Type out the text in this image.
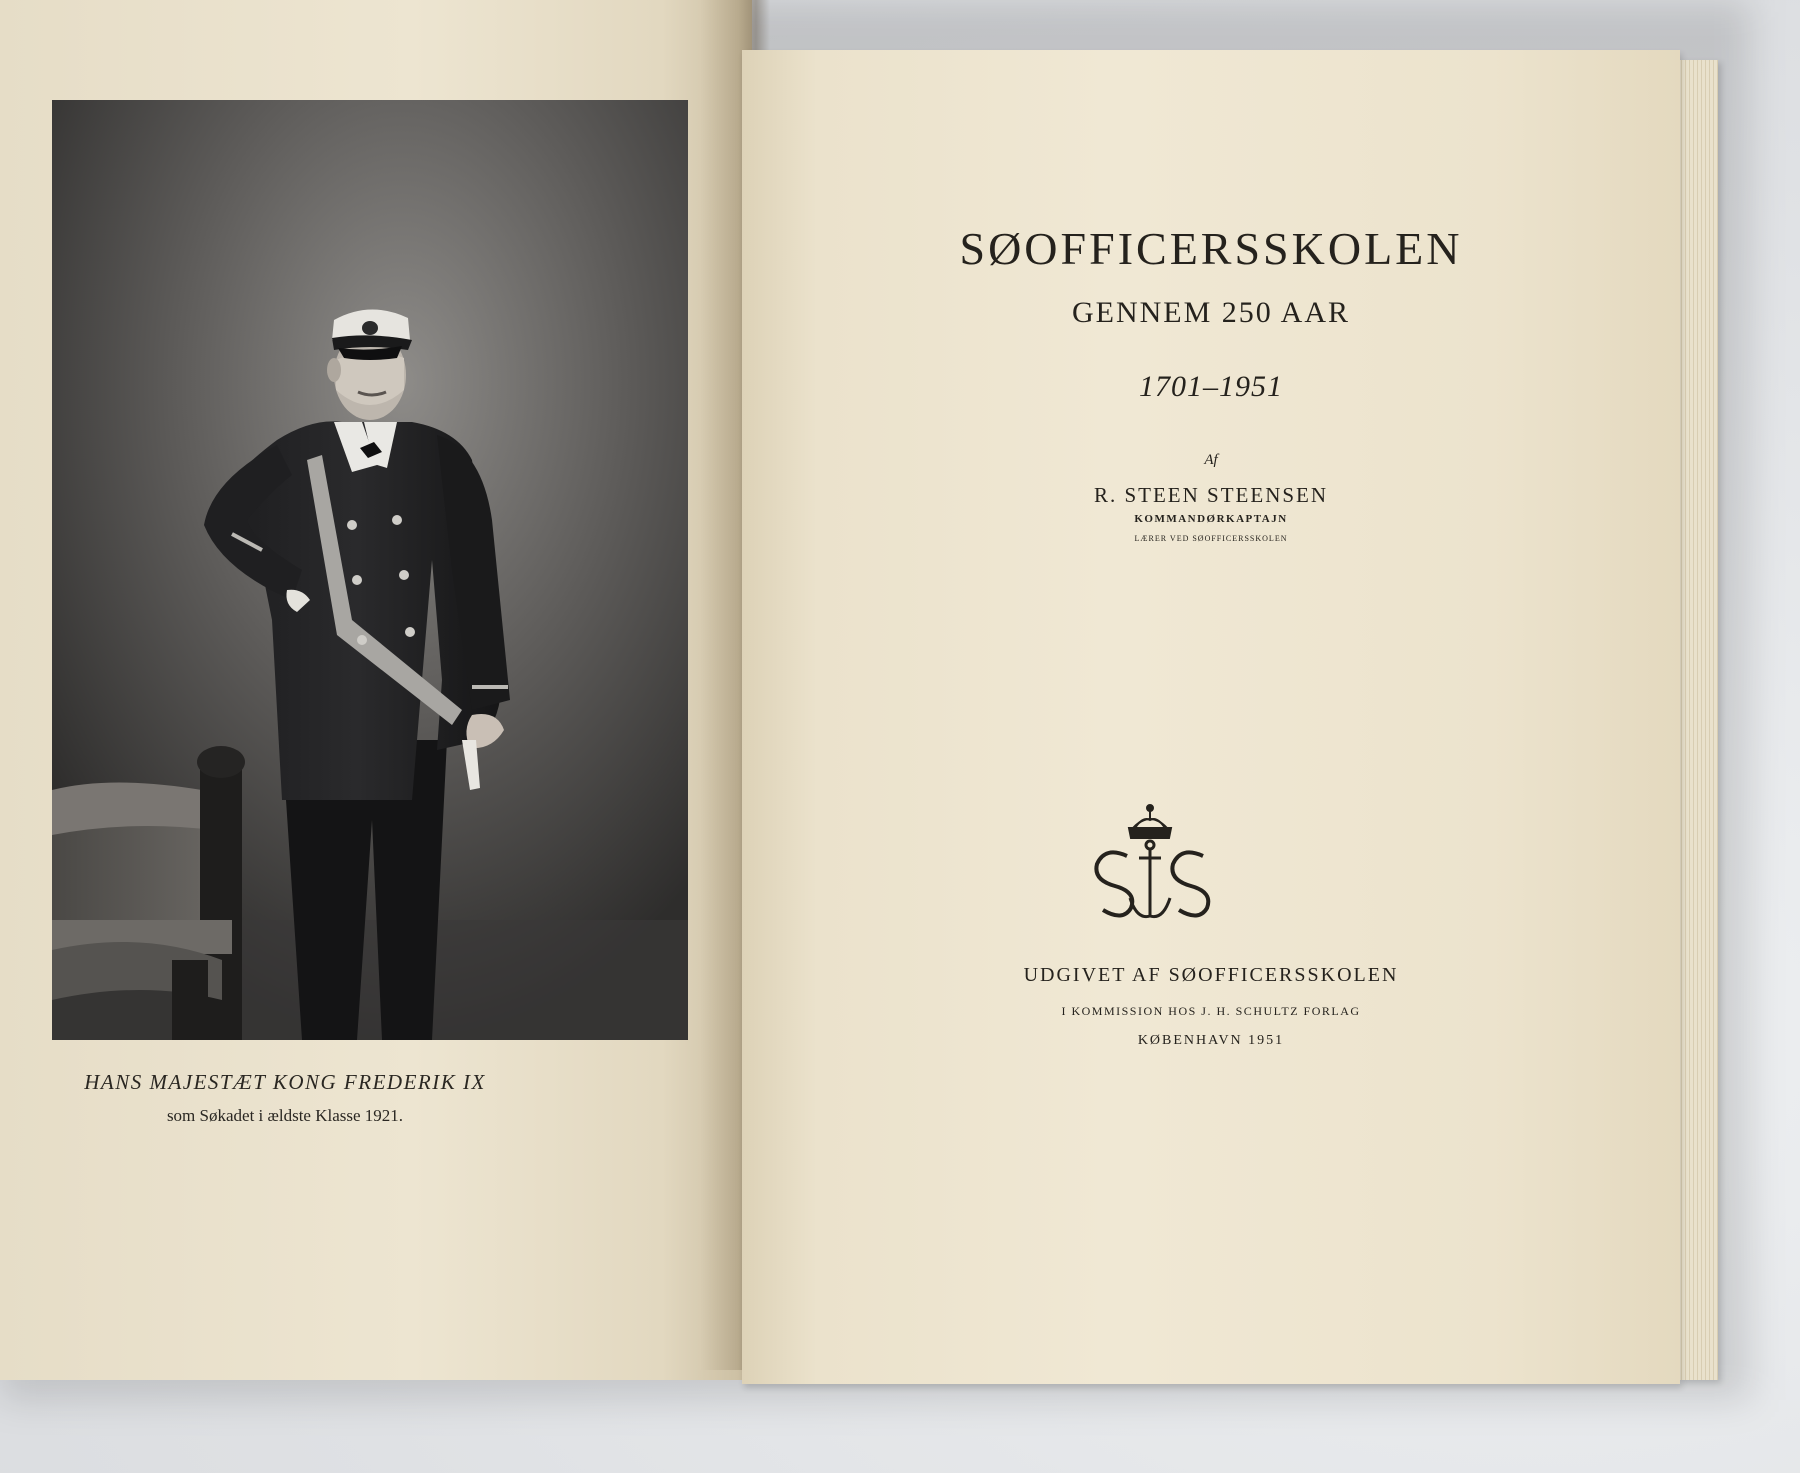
HANS MAJESTÆT KONG FREDERIK IX
som Søkadet i ældste Klasse 1921.
SØOFFICERSSKOLEN
GENNEM 250 AAR
1701–1951
Af
R. STEEN STEENSEN
KOMMANDØRKAPTAJN
LÆRER VED SØOFFICERSSKOLEN
UDGIVET AF SØOFFICERSSKOLEN
I KOMMISSION HOS J. H. SCHULTZ FORLAG
KØBENHAVN 1951
